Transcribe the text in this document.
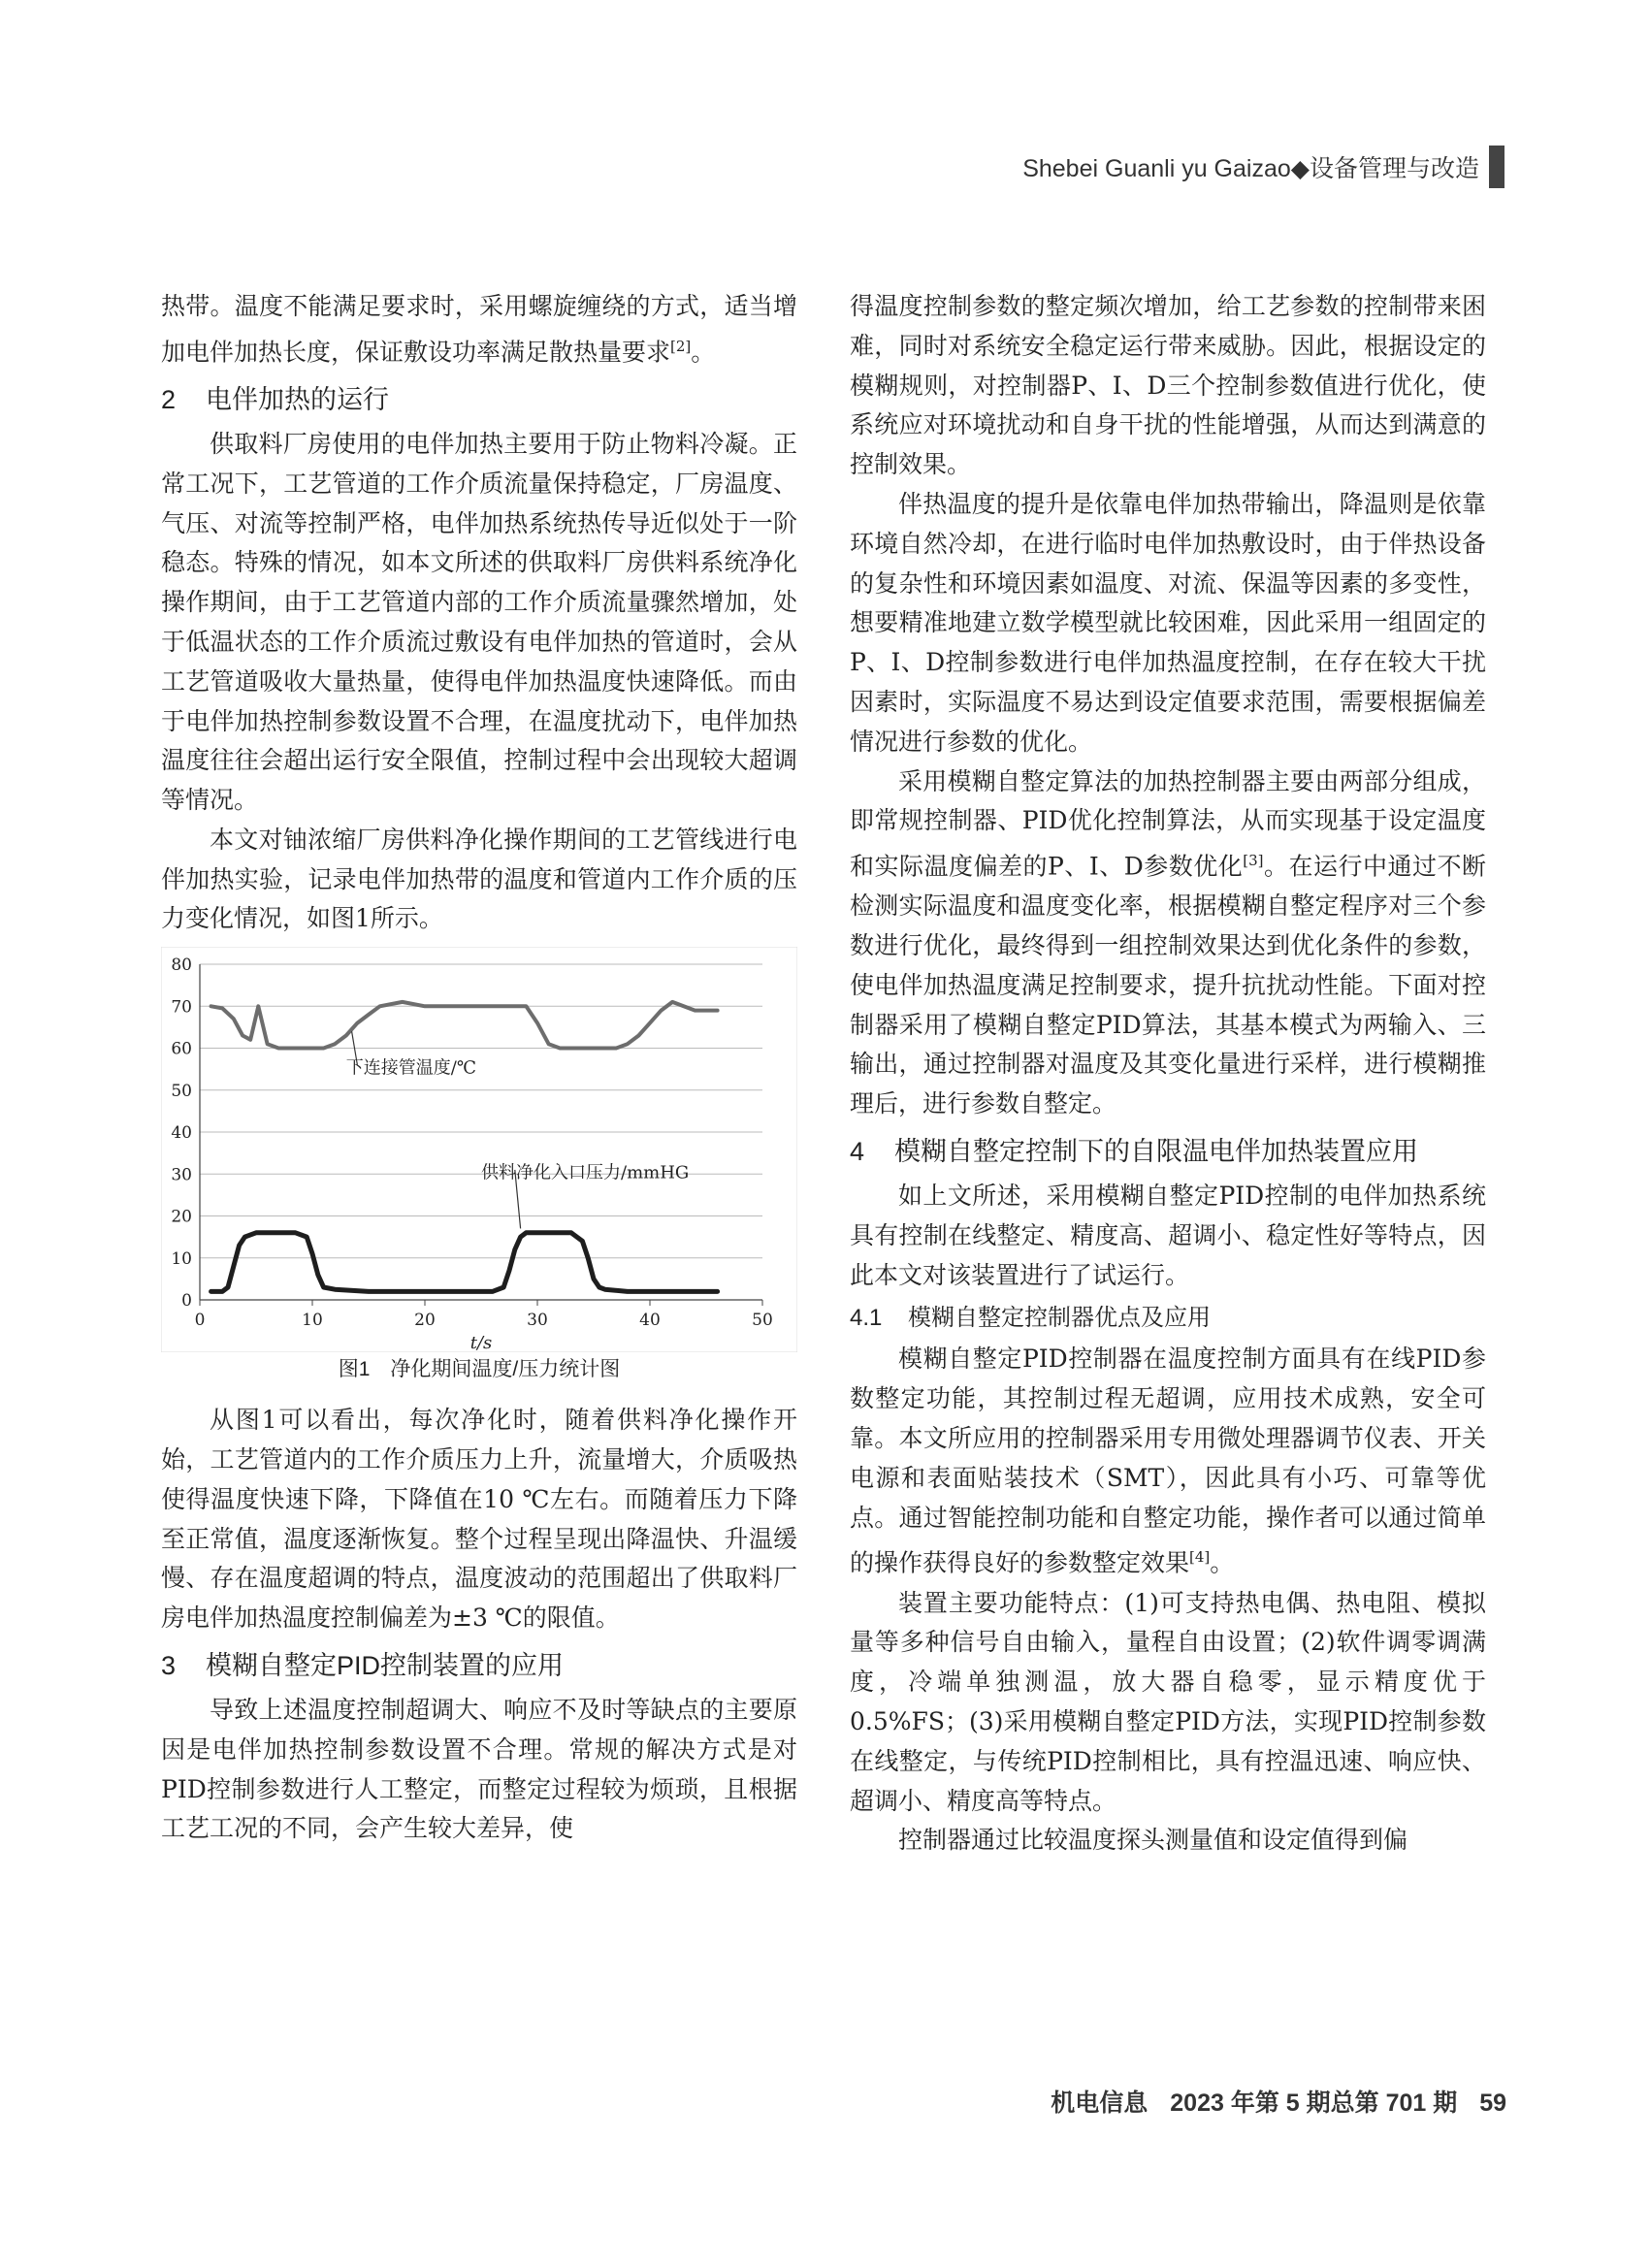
Shebei Guanli yu Gaizao◆设备管理与改造

热带。温度不能满足要求时，采用螺旋缠绕的方式，适当增加电伴加热长度，保证敷设功率满足散热量要求[2]。

2 电伴加热的运行

供取料厂房使用的电伴加热主要用于防止物料冷凝。正常工况下，工艺管道的工作介质流量保持稳定，厂房温度、气压、对流等控制严格，电伴加热系统热传导近似处于一阶稳态。特殊的情况，如本文所述的供取料厂房供料系统净化操作期间，由于工艺管道内部的工作介质流量骤然增加，处于低温状态的工作介质流过敷设有电伴加热的管道时，会从工艺管道吸收大量热量，使得电伴加热温度快速降低。而由于电伴加热控制参数设置不合理，在温度扰动下，电伴加热温度往往会超出运行安全限值，控制过程中会出现较大超调等情况。

本文对铀浓缩厂房供料净化操作期间的工艺管线进行电伴加热实验，记录电伴加热带的温度和管道内工作介质的压力变化情况，如图1所示。

0
10
20
30
40
50
60
70
80
0	10	20	30	40	50
t/s
下连接管温度/℃
供料净化入口压力/mmHG
图1　净化期间温度/压力统计图

从图1可以看出，每次净化时，随着供料净化操作开始，工艺管道内的工作介质压力上升，流量增大，介质吸热使得温度快速下降，下降值在10 ℃左右。而随着压力下降至正常值，温度逐渐恢复。整个过程呈现出降温快、升温缓慢、存在温度超调的特点，温度波动的范围超出了供取料厂房电伴加热温度控制偏差为±3 ℃的限值。

3 模糊自整定PID控制装置的应用

导致上述温度控制超调大、响应不及时等缺点的主要原因是电伴加热控制参数设置不合理。常规的解决方式是对PID控制参数进行人工整定，而整定过程较为烦琐，且根据工艺工况的不同，会产生较大差异，使

得温度控制参数的整定频次增加，给工艺参数的控制带来困难，同时对系统安全稳定运行带来威胁。因此，根据设定的模糊规则，对控制器P、I、D三个控制参数值进行优化，使系统应对环境扰动和自身干扰的性能增强，从而达到满意的控制效果。

伴热温度的提升是依靠电伴加热带输出，降温则是依靠环境自然冷却，在进行临时电伴加热敷设时，由于伴热设备的复杂性和环境因素如温度、对流、保温等因素的多变性，想要精准地建立数学模型就比较困难，因此采用一组固定的P、I、D控制参数进行电伴加热温度控制，在存在较大干扰因素时，实际温度不易达到设定值要求范围，需要根据偏差情况进行参数的优化。

采用模糊自整定算法的加热控制器主要由两部分组成，即常规控制器、PID优化控制算法，从而实现基于设定温度和实际温度偏差的P、I、D参数优化[3]。在运行中通过不断检测实际温度和温度变化率，根据模糊自整定程序对三个参数进行优化，最终得到一组控制效果达到优化条件的参数，使电伴加热温度满足控制要求，提升抗扰动性能。下面对控制器采用了模糊自整定PID算法，其基本模式为两输入、三输出，通过控制器对温度及其变化量进行采样，进行模糊推理后，进行参数自整定。

4 模糊自整定控制下的自限温电伴加热装置应用

如上文所述，采用模糊自整定PID控制的电伴加热系统具有控制在线整定、精度高、超调小、稳定性好等特点，因此本文对该装置进行了试运行。

4.1 模糊自整定控制器优点及应用

模糊自整定PID控制器在温度控制方面具有在线PID参数整定功能，其控制过程无超调，应用技术成熟，安全可靠。本文所应用的控制器采用专用微处理器调节仪表、开关电源和表面贴装技术（SMT），因此具有小巧、可靠等优点。通过智能控制功能和自整定功能，操作者可以通过简单的操作获得良好的参数整定效果[4]。

装置主要功能特点：(1)可支持热电偶、热电阻、模拟量等多种信号自由输入，量程自由设置；(2)软件调零调满度，冷端单独测温，放大器自稳零，显示精度优于0.5%FS；(3)采用模糊自整定PID方法，实现PID控制参数在线整定，与传统PID控制相比，具有控温迅速、响应快、超调小、精度高等特点。

控制器通过比较温度探头测量值和设定值得到偏

机电信息 2023 年第 5 期总第 701 期 59
